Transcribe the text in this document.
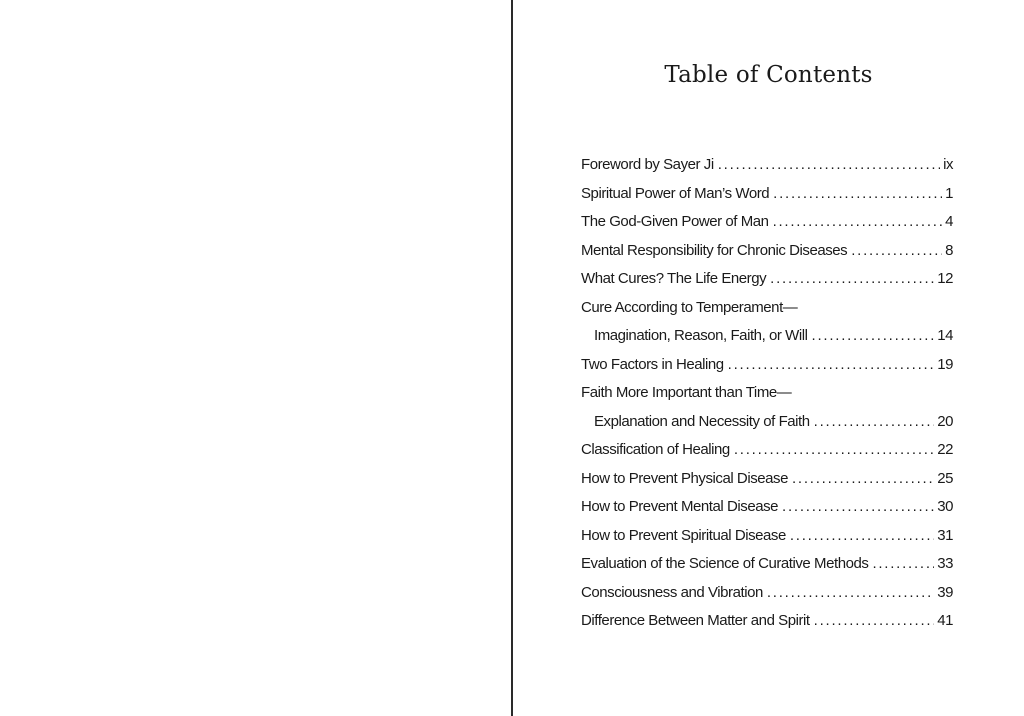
Table of Contents
Foreword by Sayer Ji . . .	ix
Spiritual Power of Man’s Word . . .	1
The God-Given Power of Man . . .	4
Mental Responsibility for Chronic Diseases . . .	8
What Cures? The Life Energy . . .	12
Cure According to Temperament—
Imagination, Reason, Faith, or Will . . .	14
Two Factors in Healing . . .	19
Faith More Important than Time—
Explanation and Necessity of Faith . . .	20
Classification of Healing . . .	22
How to Prevent Physical Disease . . .	25
How to Prevent Mental Disease . . .	30
How to Prevent Spiritual Disease . . .	31
Evaluation of the Science of Curative Methods . . .	33
Consciousness and Vibration . . .	39
Difference Between Matter and Spirit . . .	41
